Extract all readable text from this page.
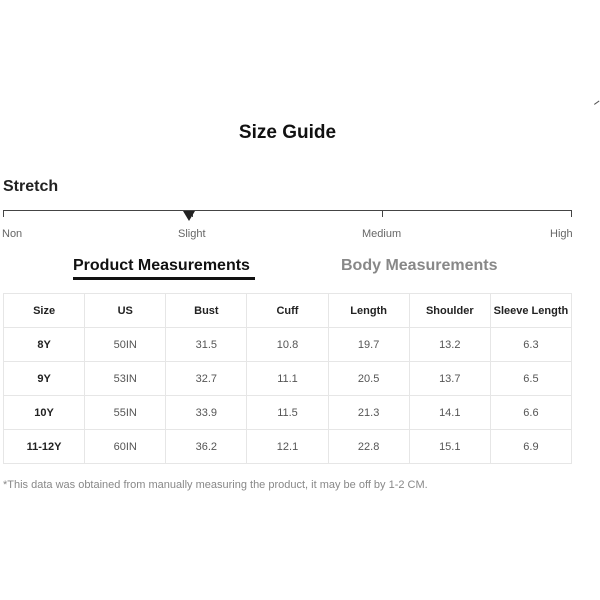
Size Guide
Stretch
Non	Slight	Medium	High
Product Measurements	Body Measurements
Size	US	Bust	Cuff	Length	Shoulder	Sleeve Length
8Y	50IN	31.5	10.8	19.7	13.2	6.3
9Y	53IN	32.7	11.1	20.5	13.7	6.5
10Y	55IN	33.9	11.5	21.3	14.1	6.6
11-12Y	60IN	36.2	12.1	22.8	15.1	6.9
*This data was obtained from manually measuring the product, it may be off by 1-2 CM.
